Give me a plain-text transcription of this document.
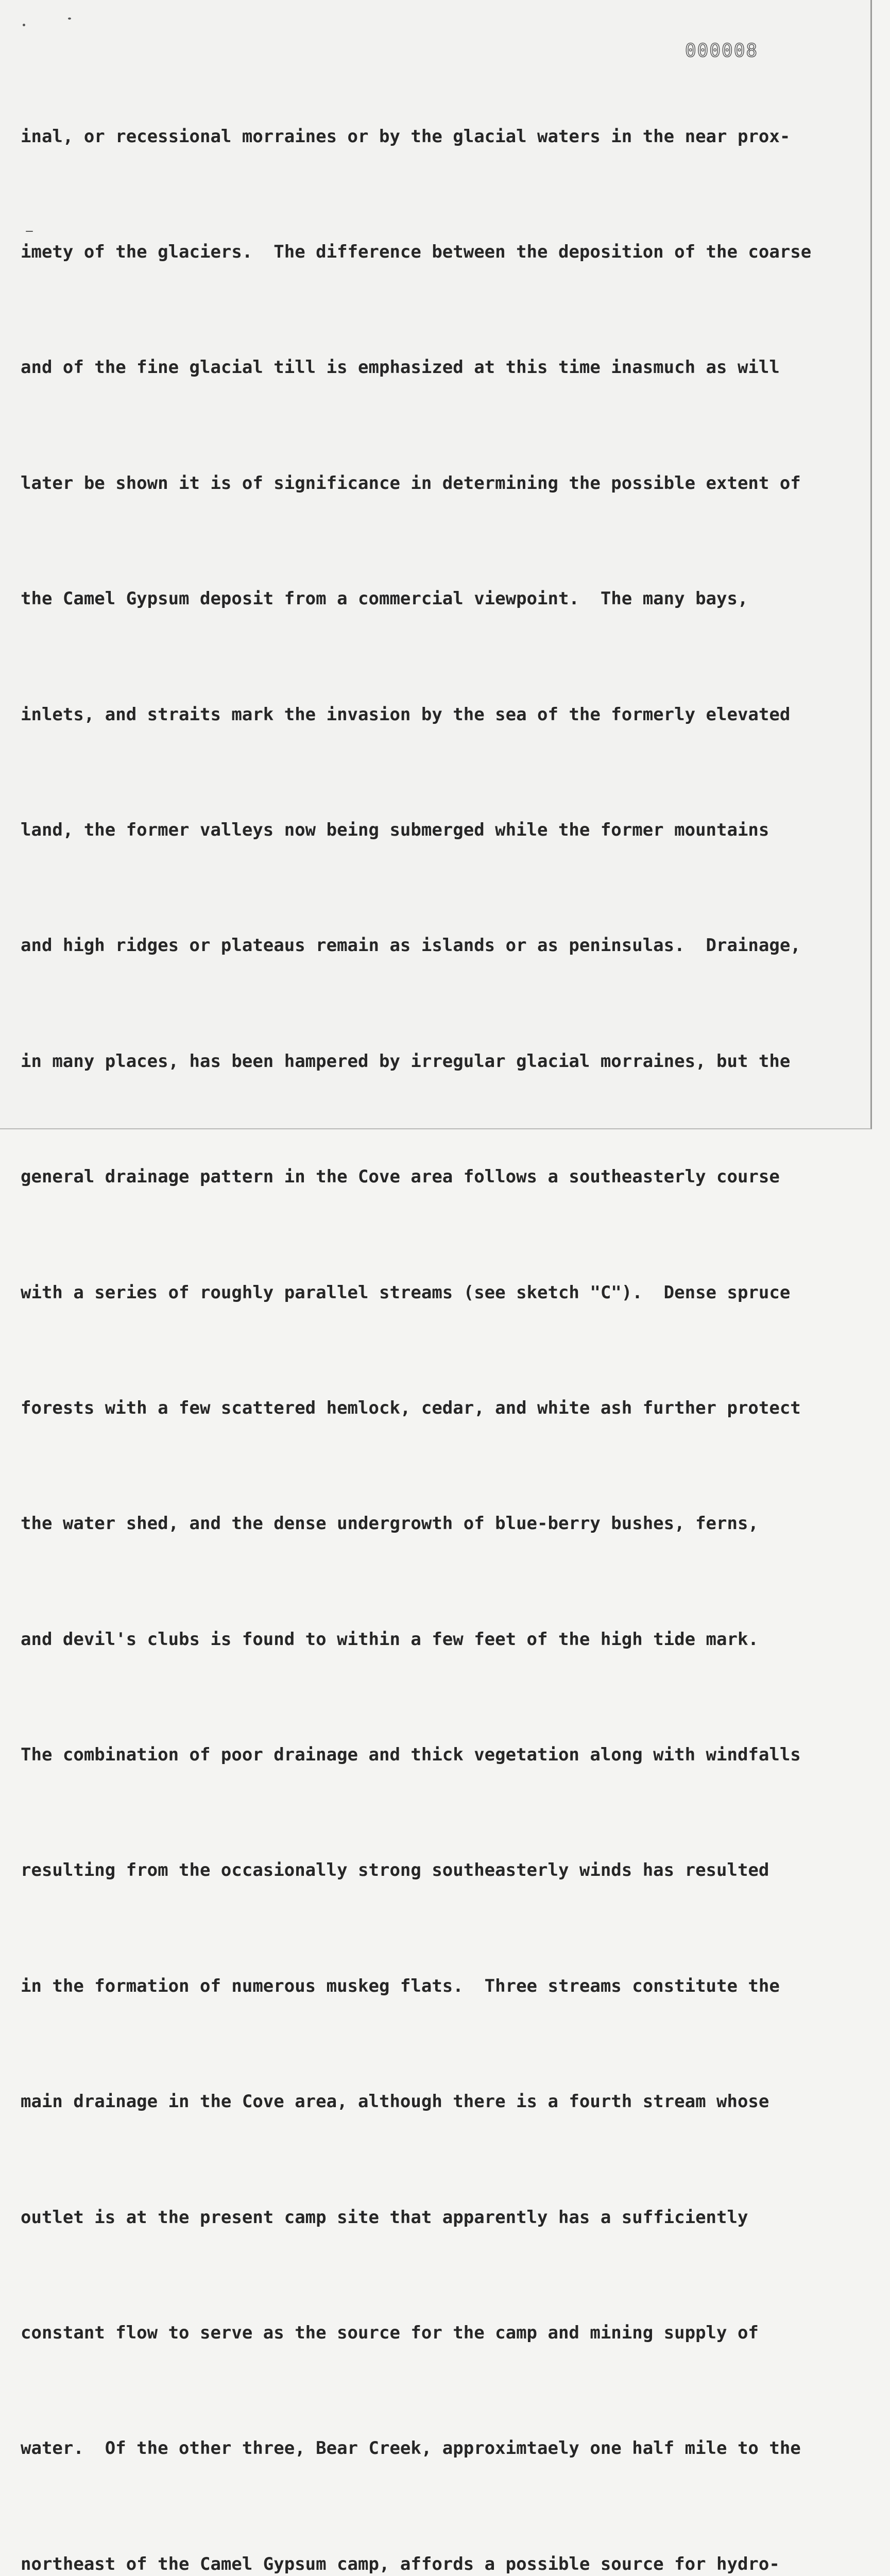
000008

inal, or recessional morraines or by the glacial waters in the near prox-

imety of the glaciers.  The difference between the deposition of the coarse

and of the fine glacial till is emphasized at this time inasmuch as will

later be shown it is of significance in determining the possible extent of

the Camel Gypsum deposit from a commercial viewpoint.  The many bays,

inlets, and straits mark the invasion by the sea of the formerly elevated

land, the former valleys now being submerged while the former mountains

and high ridges or plateaus remain as islands or as peninsulas.  Drainage,

in many places, has been hampered by irregular glacial morraines, but the

general drainage pattern in the Cove area follows a southeasterly course

with a series of roughly parallel streams (see sketch "C").  Dense spruce

forests with a few scattered hemlock, cedar, and white ash further protect

the water shed, and the dense undergrowth of blue-berry bushes, ferns,

and devil's clubs is found to within a few feet of the high tide mark.

The combination of poor drainage and thick vegetation along with windfalls

resulting from the occasionally strong southeasterly winds has resulted

in the formation of numerous muskeg flats.  Three streams constitute the

main drainage in the Cove area, although there is a fourth stream whose

outlet is at the present camp site that apparently has a sufficiently

constant flow to serve as the source for the camp and mining supply of

water.  Of the other three, Bear Creek, approximtaely one half mile to the

northeast of the Camel Gypsum camp, affords a possible source for hydro-
